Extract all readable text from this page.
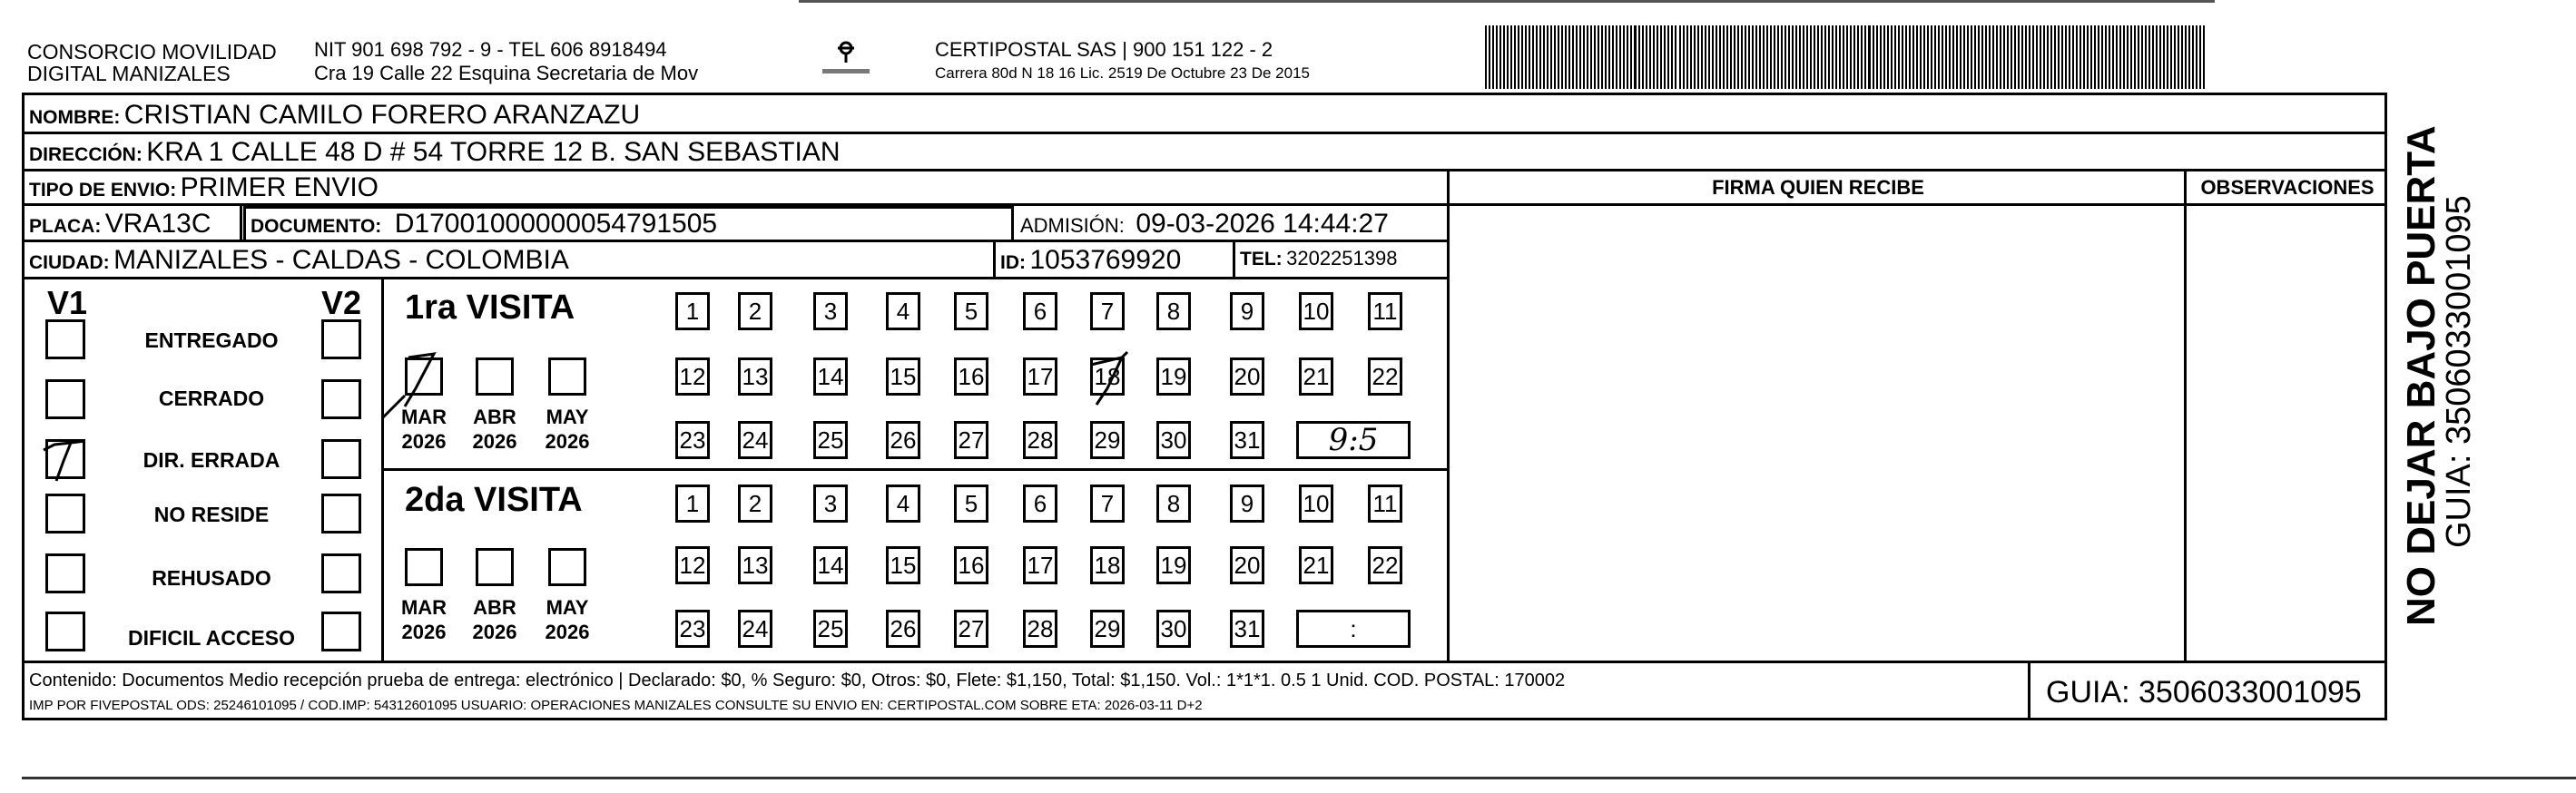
CONSORCIO MOVILIDAD
DIGITAL MANIZALES
NIT 901 698 792 - 9 - TEL 606 8918494
Cra 19 Calle 22 Esquina Secretaria de Mov
CERTIPOSTAL SAS | 900 151 122 - 2
Carrera 80d N 18 16 Lic. 2519 De Octubre 23 De 2015
NOMBRE: CRISTIAN CAMILO FORERO ARANZAZU
DIRECCIÓN: KRA 1 CALLE 48 D # 54 TORRE 12 B. SAN SEBASTIAN
TIPO DE ENVIO: PRIMER ENVIO
PLACA: VRA13C DOCUMENTO: D17001000000054791505	ADMISIÓN: 09-03-2026 14:44:27
CIUDAD: MANIZALES - CALDAS - COLOMBIA	ID: 1053769920	TEL: 3202251398
FIRMA QUIEN RECIBE	OBSERVACIONES
V1	V2
ENTREGADO
CERRADO
DIR. ERRADA
NO RESIDE
REHUSADO
DIFICIL ACCESO
1ra VISITA
2da VISITA
MAR
2026
ABR
2026
MAY
2026
MAR
2026
ABR
2026
MAY
2026
1	2	3	4	5	6	7	8	9	10 11
12 13 14 15 16 17 18 19 20 21 22
23 24 25 26 27 28 29 30 31	9:5
1	2	3	4	5	6	7	8	9	10 11
12 13 14 15 16 17 18 19 20 21 22
23 24 25 26 27 28 29 30 31	:
Contenido: Documentos Medio recepción prueba de entrega: electrónico | Declarado: $0, % Seguro: $0, Otros: $0, Flete: $1,150, Total: $1,150. Vol.: 1*1*1. 0.5 1 Unid. COD. POSTAL: 170002
IMP POR FIVEPOSTAL ODS: 25246101095 / COD.IMP: 54312601095 USUARIO: OPERACIONES MANIZALES CONSULTE SU ENVIO EN: CERTIPOSTAL.COM SOBRE ETA: 2026-03-11 D+2	GUIA: 3506033001095
NO DEJAR BAJO PUERTA
GUIA: 3506033001095
